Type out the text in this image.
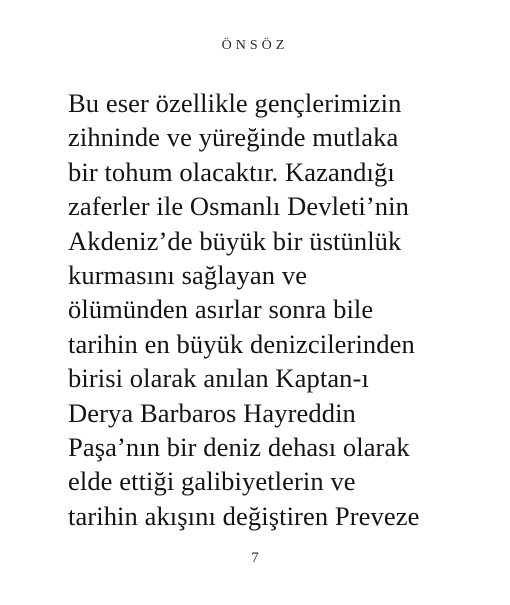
ÖNSÖZ
Bu eser özellikle gençlerimizin
zihninde ve yüreğinde mutlaka
bir tohum olacaktır. Kazandığı
zaferler ile Osmanlı Devleti’nin
Akdeniz’de büyük bir üstünlük
kurmasını sağlayan ve
ölümünden asırlar sonra bile
tarihin en büyük denizcilerinden
birisi olarak anılan Kaptan-ı
Derya Barbaros Hayreddin
Paşa’nın bir deniz dehası olarak
elde ettiği galibiyetlerin ve
tarihin akışını değiştiren Preveze
7
